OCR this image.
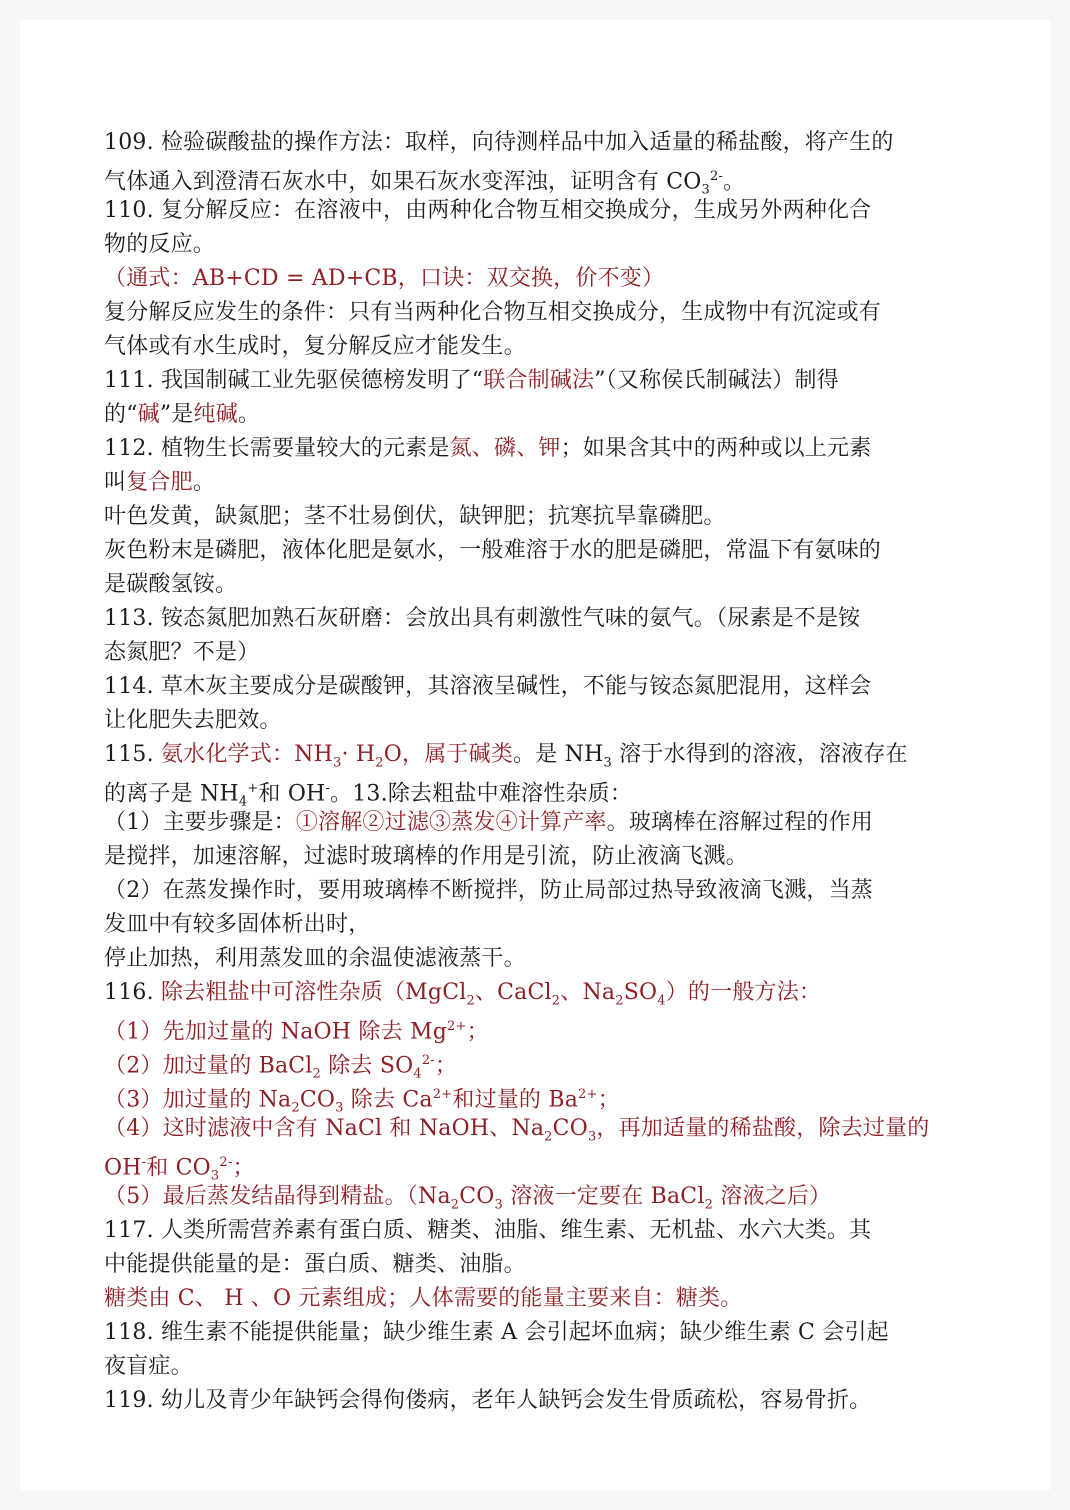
109. 检验碳酸盐的操作方法：取样，向待测样品中加入适量的稀盐酸，将产生的
气体通入到澄清石灰水中，如果石灰水变浑浊，证明含有 $CO_3^{2-}$。
110. 复分解反应：在溶液中，由两种化合物互相交换成分，生成另外两种化合
物的反应。
（通式：AB+CD = AD+CB，口诀：双交换，价不变）
复分解反应发生的条件：只有当两种化合物互相交换成分，生成物中有沉淀或有
气体或有水生成时，复分解反应才能发生。
111. 我国制碱工业先驱侯德榜发明了“联合制碱法”（又称侯氏制碱法）制得
的“碱”是纯碱。
112. 植物生长需要量较大的元素是氮、磷、钾；如果含其中的两种或以上元素
叫复合肥。
叶色发黄，缺氮肥；茎不壮易倒伏，缺钾肥；抗寒抗旱靠磷肥。
灰色粉末是磷肥，液体化肥是氨水，一般难溶于水的肥是磷肥，常温下有氨味的
是碳酸氢铵。
113. 铵态氮肥加熟石灰研磨：会放出具有刺激性气味的氨气。（尿素是不是铵
态氮肥？不是）
114. 草木灰主要成分是碳酸钾，其溶液呈碱性，不能与铵态氮肥混用，这样会
让化肥失去肥效。
115. 氨水化学式：$NH_3\cdot H_2O$，属于碱类。是 $NH_3$ 溶于水得到的溶液，溶液存在
的离子是 $NH_4^+$和 OH-。13.除去粗盐中难溶性杂质：
（1）主要步骤是：①溶解②过滤③蒸发④计算产率。玻璃棒在溶解过程的作用
是搅拌，加速溶解，过滤时玻璃棒的作用是引流，防止液滴飞溅。
（2）在蒸发操作时，要用玻璃棒不断搅拌，防止局部过热导致液滴飞溅，当蒸
发皿中有较多固体析出时，
停止加热，利用蒸发皿的余温使滤液蒸干。
116. 除去粗盐中可溶性杂质（MgCl$_2$、CaCl$_2$、$Na_2SO_4$）的一般方法：
（1）先加过量的 NaOH 除去 $Mg^{2+}$；
（2）加过量的 BaCl$_2$ 除去 $SO_4^{2-}$；
（3）加过量的 $Na_2CO_3$ 除去 $Ca^{2+}$和过量的 $Ba^{2+}$；
（4）这时滤液中含有 NaCl 和 NaOH、$Na_2CO_3$，再加适量的稀盐酸，除去过量的
OH-和 $CO_3^{2-}$；
（5）最后蒸发结晶得到精盐。（$Na_2CO_3$ 溶液一定要在 BaCl$_2$ 溶液之后）
117. 人类所需营养素有蛋白质、糖类、油脂、维生素、无机盐、水六大类。其
中能提供能量的是：蛋白质、糖类、油脂。
糖类由 C、 H 、O 元素组成；人体需要的能量主要来自：糖类。
118. 维生素不能提供能量；缺少维生素 A 会引起坏血病；缺少维生素 C 会引起
夜盲症。
119. 幼儿及青少年缺钙会得佝偻病，老年人缺钙会发生骨质疏松，容易骨折。
